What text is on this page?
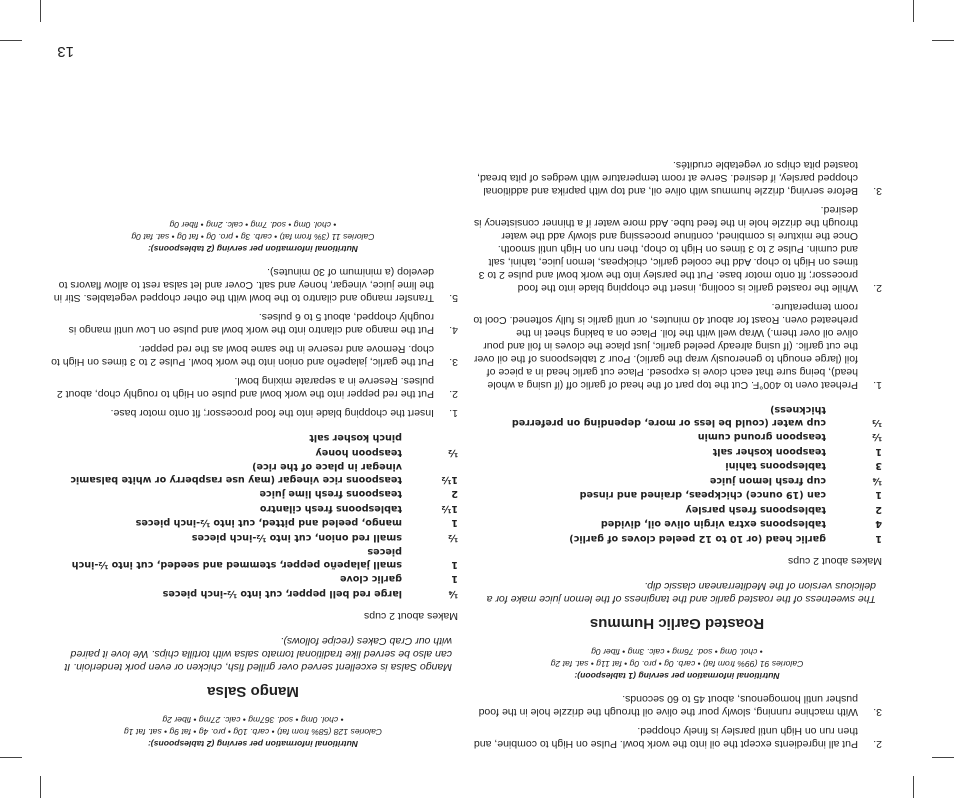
2.
Put all ingredients except the oil into the work bowl. Pulse on High to combine, and then run on High until parsley is finely chopped.
3.
With machine running, slowly pour the olive oil through the drizzle hole in the food pusher until homogenous, about 45 to 60 seconds.
Nutritional information per serving (1 tablespoon):
Calories 91 (99% from fat) • carb. 0g • pro. 0g • fat 11g • sat. fat 2g
• chol. 0mg • sod. 76mg • calc. 3mg • fiber 0g
Roasted Garlic Hummus

The sweetness of the roasted garlic and the tanginess of the lemon juice make for a delicious version of the Mediterranean classic dip.

Makes about 2 cups

1
garlic head (or 10 to 12 peeled cloves of garlic)
4
tablespoons extra virgin olive oil, divided
2
tablespoons fresh parsley
1
can (19 ounce) chickpeas, drained and rinsed
¼
cup fresh lemon juice
3
tablespoons tahini
1
teaspoon kosher salt
½
teaspoon ground cumin
⅓
cup water (could be less or more, depending on preferred thickness)
1.
Preheat oven to 400°F. Cut the top part of the head of garlic off (if using a whole head), being sure that each clove is exposed. Place cut garlic head in a piece of foil (large enough to generously wrap the garlic). Pour 2 tablespoons of the oil over the cut garlic. (If using already peeled garlic, just place the cloves in foil and pour olive oil over them.) Wrap well with the foil. Place on a baking sheet in the preheated oven. Roast for about 40 minutes, or until garlic is fully softened. Cool to room temperature.
2.
While the roasted garlic is cooling, insert the chopping blade into the food processor; fit onto motor base. Put the parsley into the work bowl and pulse 2 to 3 times on High to chop. Add the cooled garlic, chickpeas, lemon juice, tahini, salt and cumin. Pulse 2 to 3 times on High to chop, then run on High until smooth. Once the mixture is combined, continue processing and slowly add the water through the drizzle hole in the feed tube. Add more water if a thinner consistency is desired.
3.
Before serving, drizzle hummus with olive oil, and top with paprika and additional chopped parsley, if desired. Serve at room temperature with wedges of pita bread, toasted pita chips or vegetable crudités.
Nutritional information per serving (2 tablespoons):
Calories 128 (58% from fat) • carb. 10g • pro. 4g • fat 9g • sat. fat 1g
• chol. 0mg • sod. 367mg • calc. 27mg • fiber 2g
Mango Salsa

Mango Salsa is excellent served over grilled fish, chicken or even pork tenderloin. It can also be served like traditional tomato salsa with tortilla chips. We love it paired with our Crab Cakes (recipe follows).

Makes about 2 cups

¼
large red bell pepper, cut into ½-inch pieces
1
garlic clove
1
small jalapeño pepper, stemmed and seeded, cut into ½-inch pieces
½
small red onion, cut into ½-inch pieces
1
mango, peeled and pitted, cut into ½-inch pieces
1½
tablespoons fresh cilantro
2
teaspoons fresh lime juice
1½
teaspoons rice vinegar (may use raspberry or white balsamic vinegar in place of the rice)
½
teaspoon honey
pinch kosher salt
1.
Insert the chopping blade into the food processor; fit onto motor base.
2.
Put the red pepper into the work bowl and pulse on High to roughly chop, about 2 pulses. Reserve in a separate mixing bowl.
3.
Put the garlic, jalapeño and onion into the work bowl. Pulse 2 to 3 times on High to chop. Remove and reserve in the same bowl as the red pepper.
4.
Put the mango and cilantro into the work bowl and pulse on Low until mango is roughly chopped, about 5 to 6 pulses.
5.
Transfer mango and cilantro to the bowl with the other chopped vegetables. Stir in the lime juice, vinegar, honey and salt. Cover and let salsa rest to allow flavors to develop (a minimum of 30 minutes).
Nutritional information per serving (2 tablespoons):
Calories 11 (3% from fat) • carb. 3g • pro. 0g • fat 0g • sat. fat 0g
• chol. 0mg • sod. 7mg • calc. 2mg • fiber 0g
13
